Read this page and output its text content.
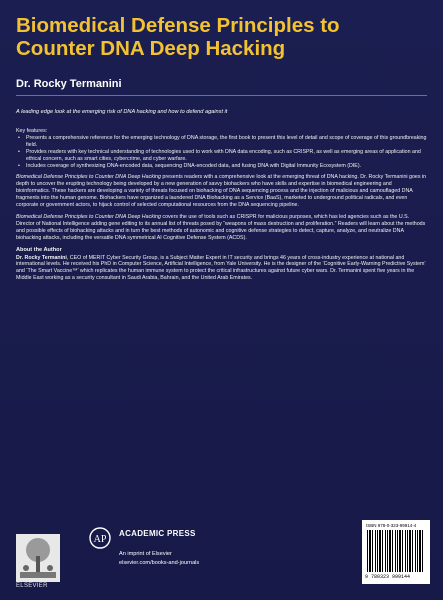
Biomedical Defense Principles to
Counter DNA Deep Hacking
Dr. Rocky Termanini
A leading edge look at the emerging risk of DNA hacking and how to defend against it

Key features:

• Presents a comprehensive reference for the emerging technology of DNA storage, the first book to present this level of detail and scope of coverage of this groundbreaking field.
• Provides readers with key technical understanding of technologies used to work with DNA data encoding, such as CRISPR, as well as emerging areas of application and ethical concern, such as smart cities, cybercrime, and cyber warfare.
• Includes coverage of synthesizing DNA-encoded data, sequencing DNA-encoded data, and fusing DNA with Digital Immunity Ecosystem (DIE).

Biomedical Defense Principles to Counter DNA Deep Hacking presents readers with a comprehensive look at the emerging threat of DNA hacking. Dr. Rocky Termanini goes in depth to uncover the erupting technology being developed by a new generation of savvy biohackers who have skills and expertise in biomedical engineering and bioinformatics. These hackers are developing a variety of threats focused on biohacking of DNA sequencing process and the injection of malicious and camouflaged DNA fragments into the human genome. Biohackers have organized a laundered DNA Biohacking as a Service (BaaS), marketed to underground political radicals, and even corporate or government actors, to hijack control of selected computational resources from the DNA sequencing pipeline.

Biomedical Defense Principles to Counter DNA Deep Hacking covers the use of tools such as CRISPR for malicious purposes, which has led agencies such as the U.S. Director of National Intelligence adding gene editing to its annual list of threats posed by “weapons of mass destruction and proliferation.” Readers will learn about the methods and possible effects of biohacking attacks and in turn the best methods of autonomic and cognitive defense strategies to detect, capture, analyze, and neutralize DNA biohacking attacks, including the versatile DNA symmetrical AI Cognitive Defense System (ACDS).

About the Author

Dr. Rocky Termanini, CEO of MERIT Cyber Security Group, is a Subject Matter Expert in IT security and brings 46 years of cross-industry experience at national and international levels. He received his PhD in Computer Science, Artificial Intelligence, from Yale University. He is the designer of the ‘Cognitive Early-Warning Predictive System’ and ‘The Smart Vaccine™’ which replicates the human immune system to protect the critical infrastructures against future cyber wars. Dr. Termanini spent five years in the Middle East working as a security consultant in Saudi Arabia, Bahrain, and the United Arab Emirates.

ELSEVIER
AP
ACADEMIC PRESS
An imprint of Elsevier
elsevier.com/books-and-journals
ISBN 978-0-323-99914-4
9 780323 999144
